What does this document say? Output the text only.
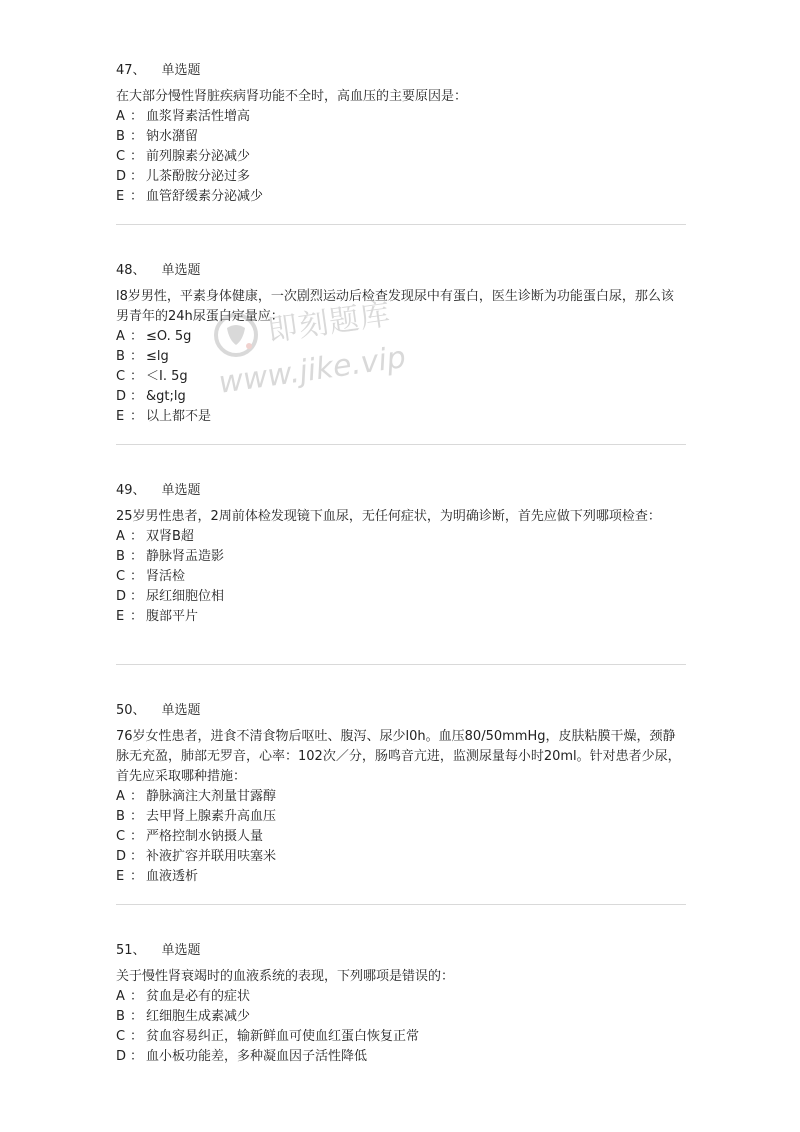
47、 单选题
在大部分慢性肾脏疾病肾功能不全时，高血压的主要原因是：
A ： 血浆肾素活性增高
B ： 钠水潴留
C ： 前列腺素分泌减少
D ： 儿茶酚胺分泌过多
E ： 血管舒缓素分泌减少
48、 单选题
l8岁男性，平素身体健康，一次剧烈运动后检查发现尿中有蛋白，医生诊断为功能蛋白尿，那么该男青年的24h尿蛋白定量应：
A ： ≤O. 5g
B ： ≤lg
C ： ＜I. 5g
D ： &gt;lg
E ： 以上都不是
49、 单选题
25岁男性患者，2周前体检发现镜下血尿，无任何症状，为明确诊断，首先应做下列哪项检查：
A ： 双肾B超
B ： 静脉肾盂造影
C ： 肾活检
D ： 尿红细胞位相
E ： 腹部平片
50、 单选题
76岁女性患者，进食不清食物后呕吐、腹泻、尿少l0h。血压80/50mmHg，皮肤粘膜干燥，颈静脉无充盈，肺部无罗音，心率：102次／分，肠鸣音亢进，监测尿量每小时20ml。针对患者少尿，首先应采取哪种措施：
A ： 静脉滴注大剂量甘露醇
B ： 去甲肾上腺素升高血压
C ： 严格控制水钠摄人量
D ： 补液扩容并联用呋塞米
E ： 血液透析
51、 单选题
关于慢性肾衰竭时的血液系统的表现，下列哪项是错误的：
A ： 贫血是必有的症状
B ： 红细胞生成素减少
C ： 贫血容易纠正，输新鲜血可使血红蛋白恢复正常
D ： 血小板功能差，多种凝血因子活性降低
即刻题库
www.jike.vip
